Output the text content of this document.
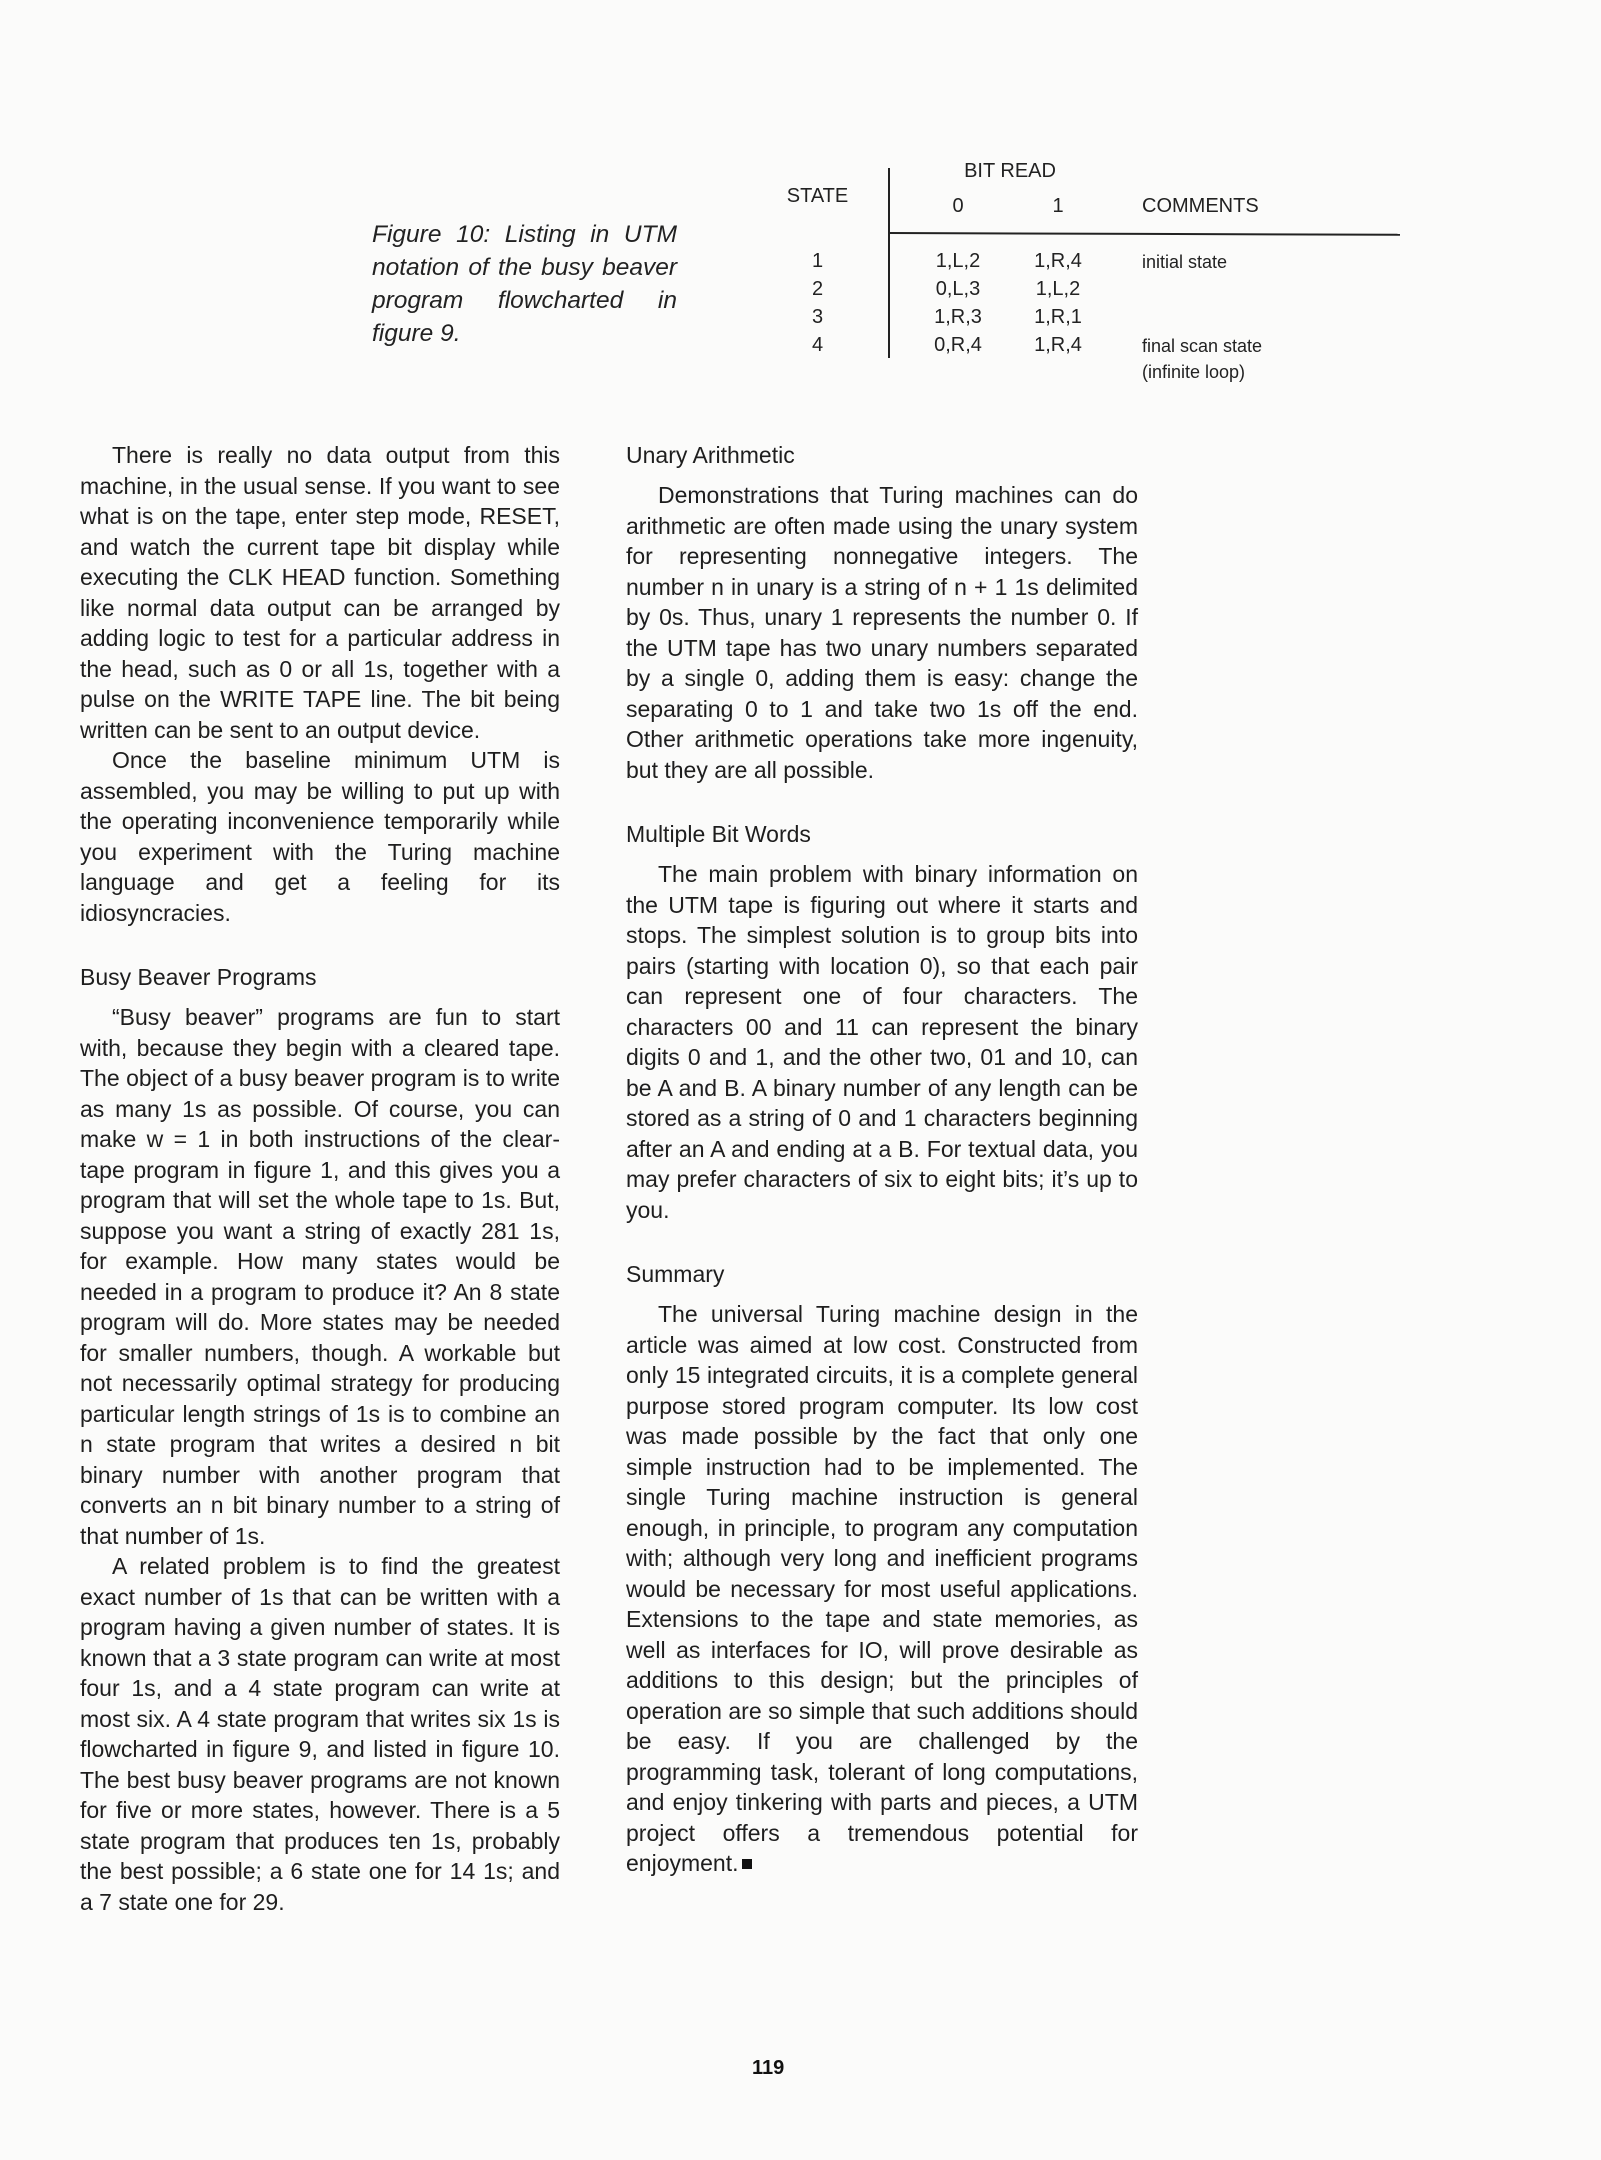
Figure 10: Listing in UTM notation of the busy beaver program flowcharted in figure 9.
BIT READ
STATE	0	1	COMMENTS
1	1,L,2	1,R,4	initial state
2	0,L,3	1,L,2
3	1,R,3	1,R,1
4	0,R,4	1,R,4	final scan state
(infinite loop)

There is really no data output from this machine, in the usual sense. If you want to see what is on the tape, enter step mode, RESET, and watch the current tape bit display while executing the CLK HEAD function. Something like normal data output can be arranged by adding logic to test for a particular address in the head, such as 0 or all 1s, together with a pulse on the WRITE TAPE line. The bit being written can be sent to an output device.

Once the baseline minimum UTM is assembled, you may be willing to put up with the operating inconvenience temporarily while you experiment with the Turing machine language and get a feeling for its idiosyncracies.

Busy Beaver Programs

“Busy beaver” programs are fun to start with, because they begin with a cleared tape. The object of a busy beaver program is to write as many 1s as possible. Of course, you can make w = 1 in both instructions of the clear-tape program in figure 1, and this gives you a program that will set the whole tape to 1s. But, suppose you want a string of exactly 281 1s, for example. How many states would be needed in a program to produce it? An 8 state program will do. More states may be needed for smaller numbers, though. A workable but not necessarily optimal strategy for producing particular length strings of 1s is to combine an n state program that writes a desired n bit binary number with another program that converts an n bit binary number to a string of that number of 1s.

A related problem is to find the greatest exact number of 1s that can be written with a program having a given number of states. It is known that a 3 state program can write at most four 1s, and a 4 state program can write at most six. A 4 state program that writes six 1s is flowcharted in figure 9, and listed in figure 10. The best busy beaver programs are not known for five or more states, however. There is a 5 state program that produces ten 1s, probably the best possible; a 6 state one for 14 1s; and a 7 state one for 29.

Unary Arithmetic

Demonstrations that Turing machines can do arithmetic are often made using the unary system for representing nonnegative integers. The number n in unary is a string of n + 1 1s delimited by 0s. Thus, unary 1 represents the number 0. If the UTM tape has two unary numbers separated by a single 0, adding them is easy: change the separating 0 to 1 and take two 1s off the end. Other arithmetic operations take more ingenuity, but they are all possible.

Multiple Bit Words

The main problem with binary information on the UTM tape is figuring out where it starts and stops. The simplest solution is to group bits into pairs (starting with location 0), so that each pair can represent one of four characters. The characters 00 and 11 can represent the binary digits 0 and 1, and the other two, 01 and 10, can be A and B. A binary number of any length can be stored as a string of 0 and 1 characters beginning after an A and ending at a B. For textual data, you may prefer characters of six to eight bits; it’s up to you.

Summary

The universal Turing machine design in the article was aimed at low cost. Constructed from only 15 integrated circuits, it is a complete general purpose stored program computer. Its low cost was made possible by the fact that only one simple instruction had to be implemented. The single Turing machine instruction is general enough, in principle, to program any computation with; although very long and inefficient programs would be necessary for most useful applications. Extensions to the tape and state memories, as well as interfaces for IO, will prove desirable as additions to this design; but the principles of operation are so simple that such additions should be easy. If you are challenged by the programming task, tolerant of long computations, and enjoy tinkering with parts and pieces, a UTM project offers a tremendous potential for enjoyment.

119
